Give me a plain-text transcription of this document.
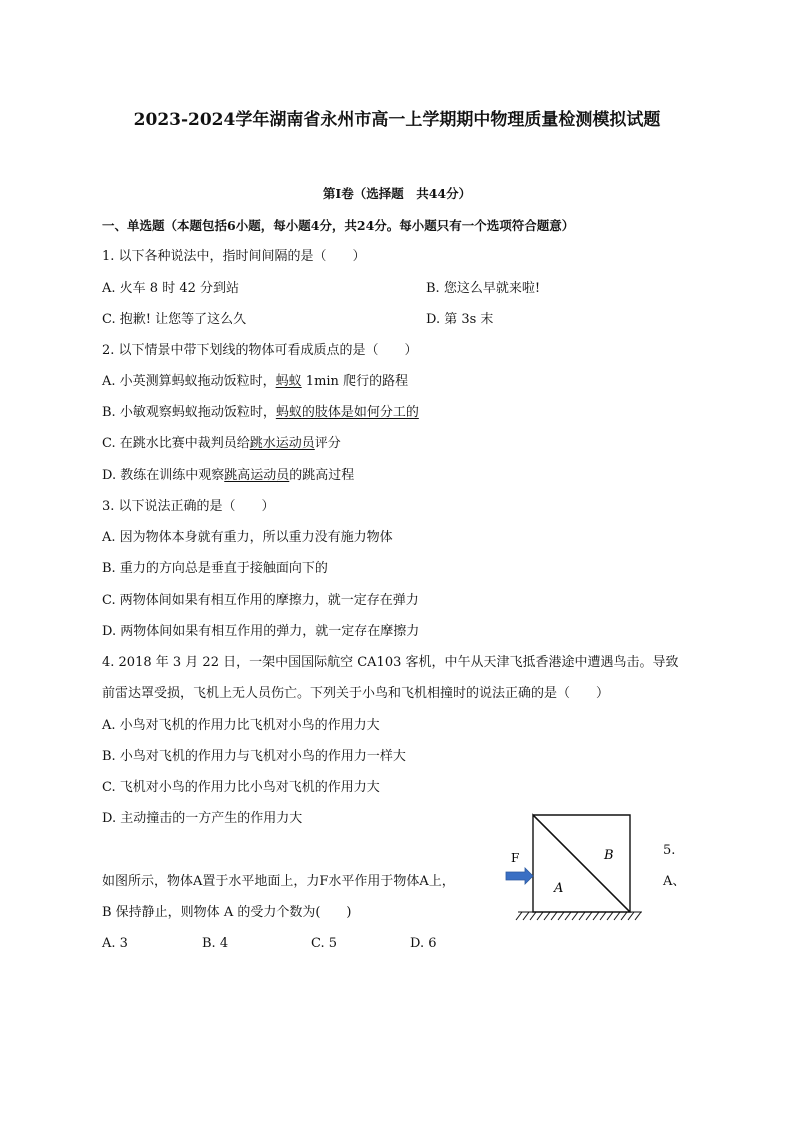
2023-2024学年湖南省永州市高一上学期期中物理质量检测模拟试题
第I卷（选择题　共44分）
一、单选题（本题包括6小题，每小题4分，共24分。每小题只有一个选项符合题意）
1. 以下各种说法中，指时间间隔的是（　　）
A. 火车 8 时 42 分到站	B. 您这么早就来啦!
C. 抱歉! 让您等了这么久	D. 第 3s 末
2. 以下情景中带下划线的物体可看成质点的是（　　）
A. 小英测算蚂蚁拖动饭粒时，蚂蚁 1min 爬行的路程
B. 小敏观察蚂蚁拖动饭粒时，蚂蚁的肢体是如何分工的
C. 在跳水比赛中裁判员给跳水运动员评分
D. 教练在训练中观察跳高运动员的跳高过程
3. 以下说法正确的是（　　）
A. 因为物体本身就有重力，所以重力没有施力物体
B. 重力的方向总是垂直于接触面向下的
C. 两物体间如果有相互作用的摩擦力，就一定存在弹力
D. 两物体间如果有相互作用的弹力，就一定存在摩擦力
4. 2018 年 3 月 22 日，一架中国国际航空 CA103 客机，中午从天津飞抵香港途中遭遇鸟击。导致
前雷达罩受损，飞机上无人员伤亡。下列关于小鸟和飞机相撞时的说法正确的是（　　）
A. 小鸟对飞机的作用力比飞机对小鸟的作用力大
B. 小鸟对飞机的作用力与飞机对小鸟的作用力一样大
C. 飞机对小鸟的作用力比小鸟对飞机的作用力大
D. 主动撞击的一方产生的作用力大
5.
如图所示，物体A置于水平地面上，力F水平作用于物体A上，	A、
B 保持静止，则物体 A 的受力个数为(　　)
A. 3	B. 4	C. 5	D. 6
F
A
B
